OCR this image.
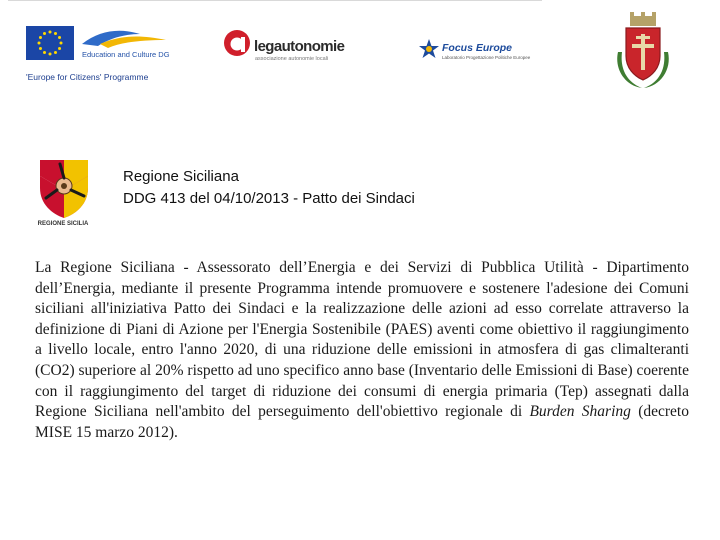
Education and Culture DG
'Europe for Citizens' Programme
legautonomie
associazione autonomie locali
Focus Europe
Laboratorio Progettazione Politiche Europee
REGIONE SICILIA
Regione Siciliana
DDG 413 del 04/10/2013 - Patto dei Sindaci
La Regione Siciliana - Assessorato dell’Energia e dei Servizi di Pubblica Utilità - Dipartimento dell’Energia, mediante il presente Programma intende promuovere e sostenere l'adesione dei Comuni siciliani all'iniziativa Patto dei Sindaci e la realizzazione delle azioni ad esso correlate attraverso la definizione di Piani di Azione per l'Energia Sostenibile (PAES) aventi come obiettivo il raggiungimento a livello locale, entro l'anno 2020, di una riduzione delle emissioni in atmosfera di gas climalteranti (CO2) superiore al 20% rispetto ad uno specifico anno base (Inventario delle Emissioni di Base) coerente con il raggiungimento del target di riduzione dei consumi di energia primaria (Tep) assegnati dalla Regione Siciliana nell'ambito del perseguimento dell'obiettivo regionale di Burden Sharing (decreto MISE 15 marzo 2012).
